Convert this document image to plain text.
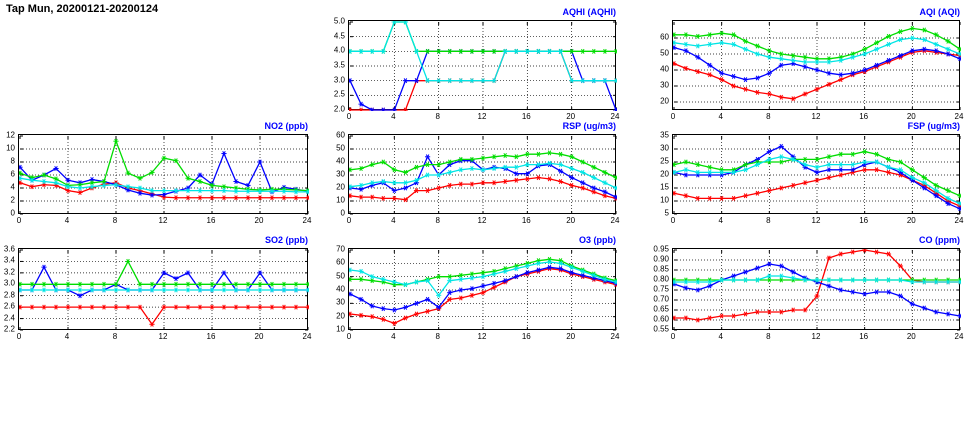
Tap Mun, 20200121-20200124	AQHI (AQHI)
2.0
2.5
3.0
3.5
4.0
4.5
5.0
0	4	8	12	16	20	24
AQI (AQI)
20
30
40
50
60
0	4	8	12	16	20	24
NO2 (ppb)
0
2
4
6
8
10
12
0	4	8	12	16	20	24
RSP (ug/m3)
0
10
20
30
40
50
60
0	4	8	12	16	20	24
FSP (ug/m3)
5
10
15
20
25
30
35
0	4	8	12	16	20	24
SO2 (ppb)
2.2
2.4
2.6
2.8
3.0
3.2
3.4
3.6
0	4	8	12	16	20	24
O3 (ppb)
10
20
30
40
50
60
70
0	4	8	12	16	20	24
CO (ppm)
0.55
0.60
0.65
0.70
0.75
0.80
0.85
0.90
0.95
0	4	8	12	16	20	24
